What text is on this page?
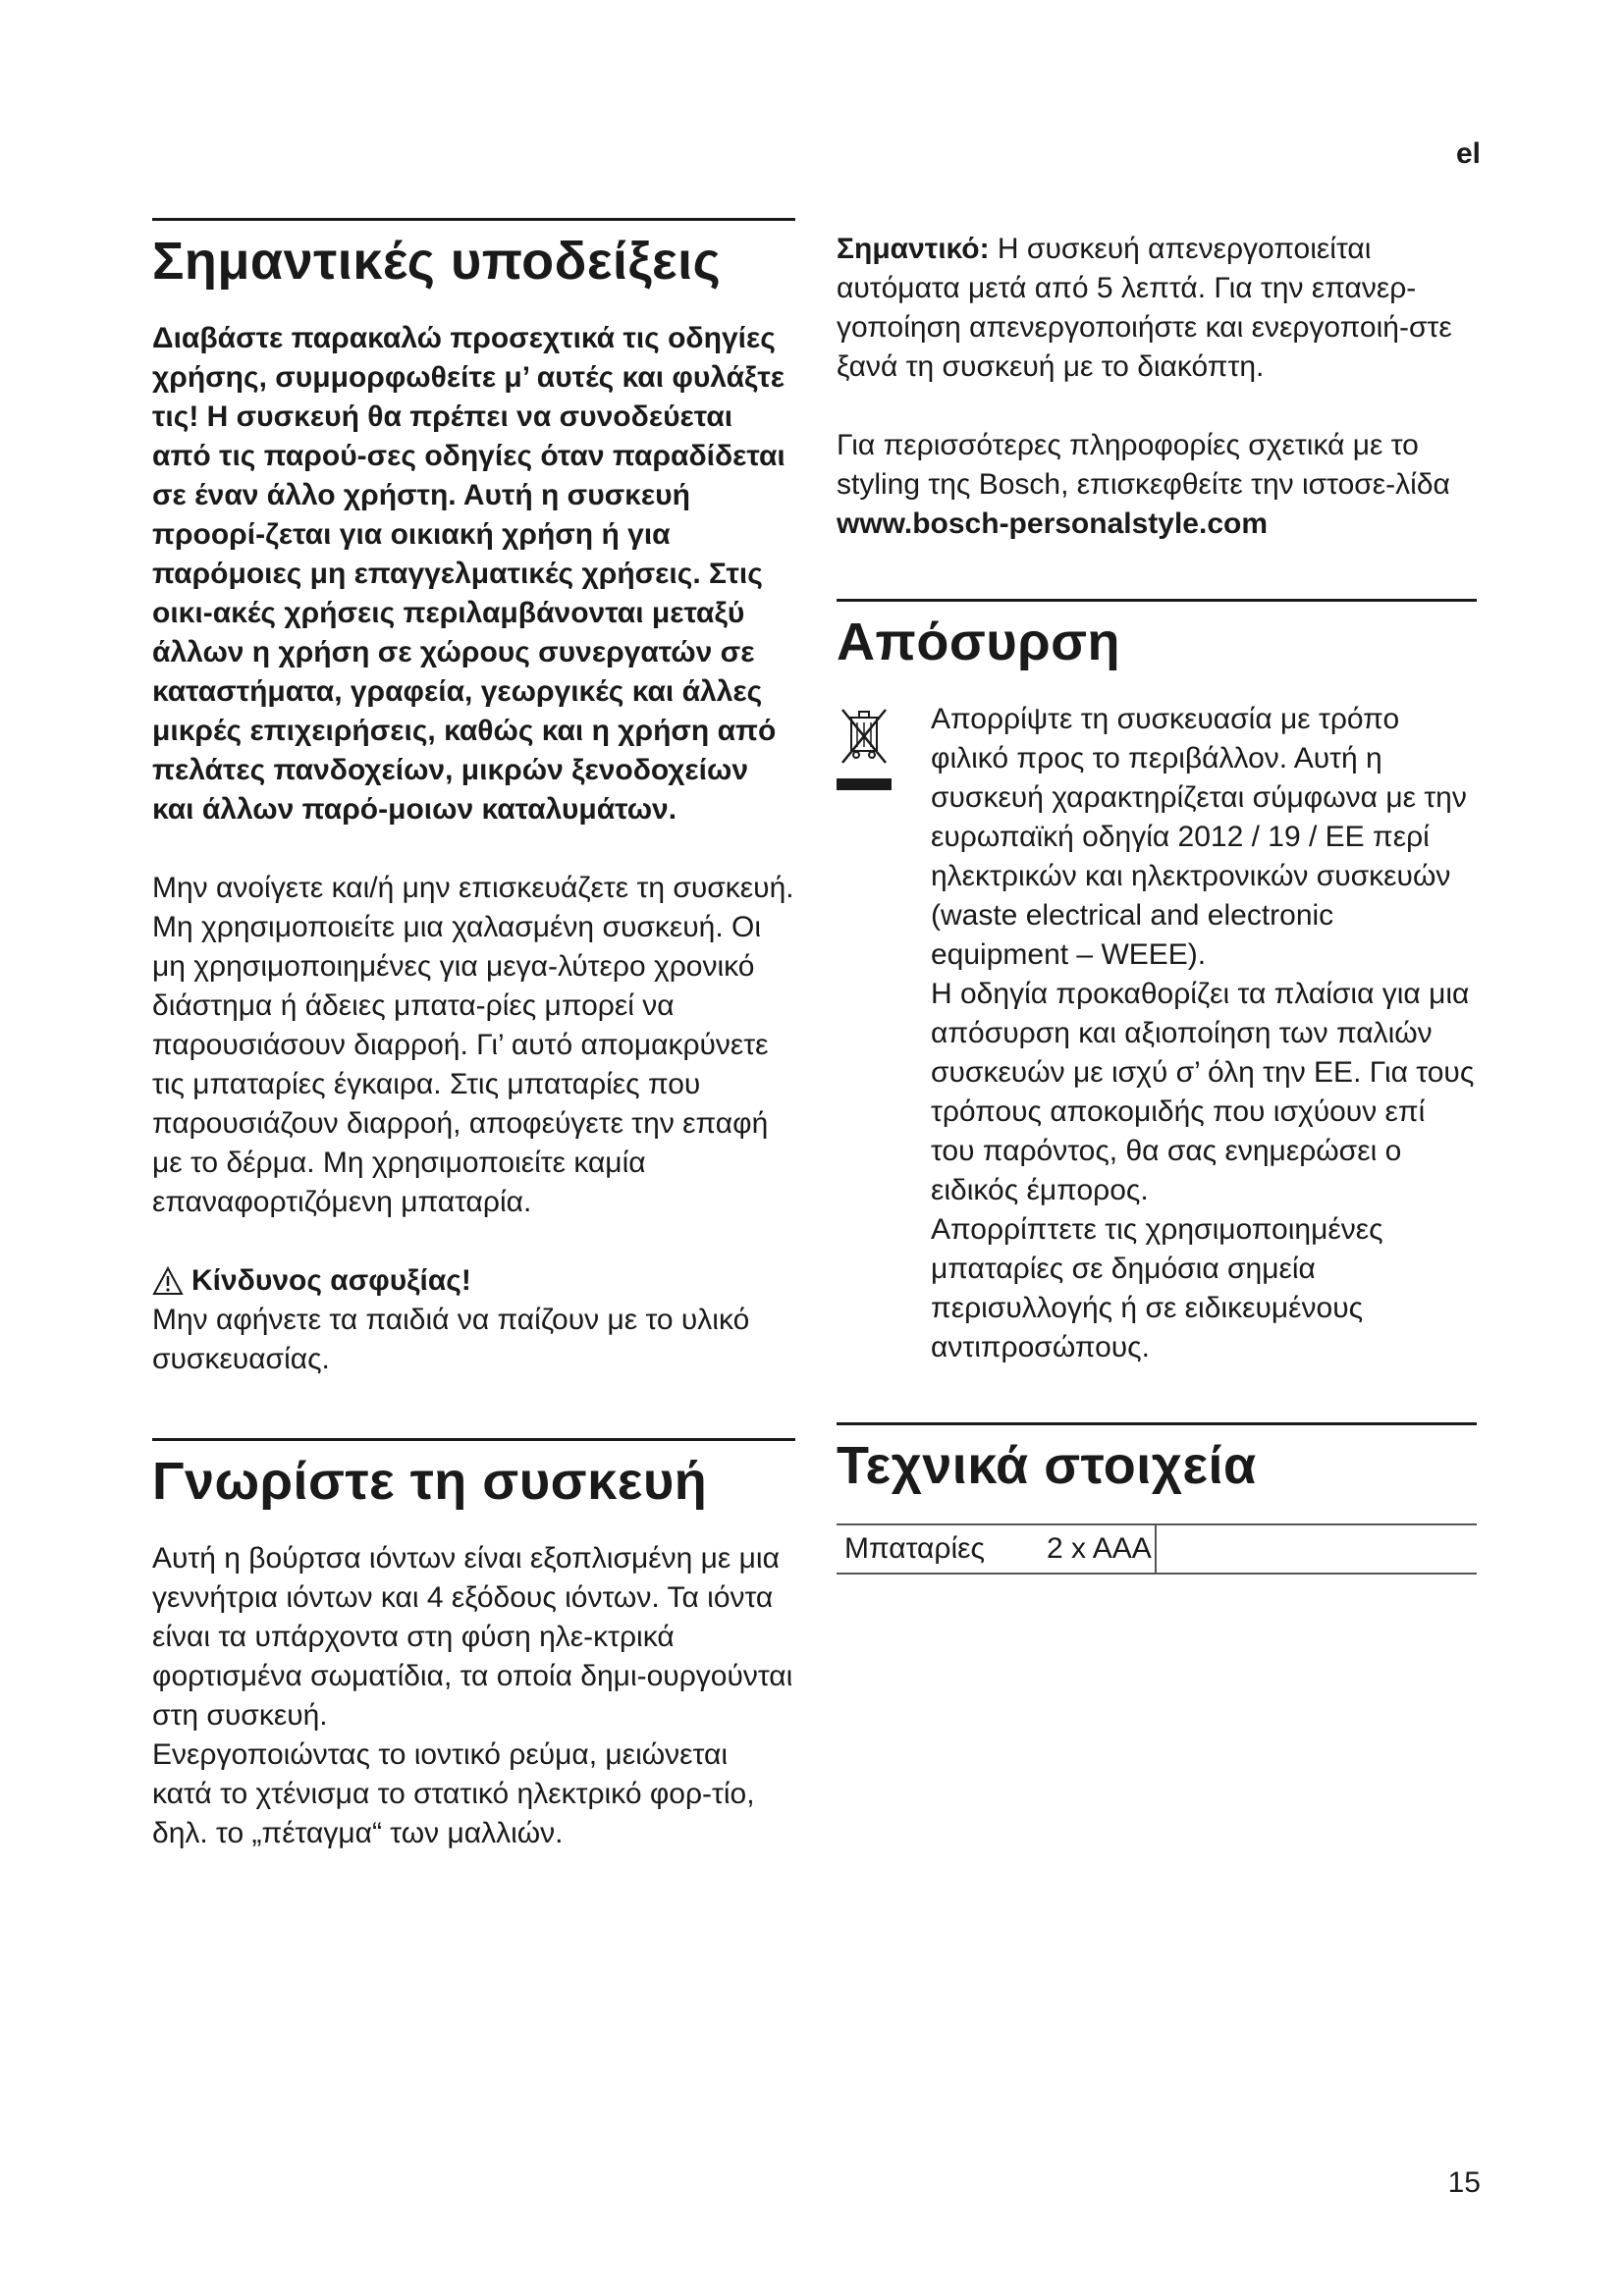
el
Σημαντικές υποδείξεις

Διαβάστε παρακαλώ προσεχτικά τις οδηγίες χρήσης, συμμορφωθείτε μ’ αυτές και φυλάξτε τις! Η συσκευή θα πρέπει να συνοδεύεται από τις παρού-σες οδηγίες όταν παραδίδεται σε έναν άλλο χρήστη. Αυτή η συσκευή προορί-ζεται για οικιακή χρήση ή για παρόμοιες μη επαγγελματικές χρήσεις. Στις οικι-ακές χρήσεις περιλαμβάνονται μεταξύ άλλων η χρήση σε χώρους συνεργατών σε καταστήματα, γραφεία, γεωργικές και άλλες μικρές επιχειρήσεις, καθώς και η χρήση από πελάτες πανδοχείων, μικρών ξενοδοχείων και άλλων παρό-μοιων καταλυμάτων.

Μην ανοίγετε και/ή μην επισκευάζετε τη συσκευή. Μη χρησιμοποιείτε μια χαλασμένη συσκευή. Οι μη χρησιμοποιημένες για μεγα-λύτερο χρονικό διάστημα ή άδειες μπατα-ρίες μπορεί να παρουσιάσουν διαρροή. Γι’ αυτό απομακρύνετε τις μπαταρίες έγκαιρα. Στις μπαταρίες που παρουσιάζουν διαρροή, αποφεύγετε την επαφή με το δέρμα. Μη χρησιμοποιείτε καμία επαναφορτιζόμενη μπαταρία.

Κίνδυνος ασφυξίας!

Μην αφήνετε τα παιδιά να παίζουν με το υλικό συσκευασίας.

Γνωρίστε τη συσκευή

Αυτή η βούρτσα ιόντων είναι εξοπλισμένη με μια γεννήτρια ιόντων και 4 εξόδους ιόντων. Τα ιόντα είναι τα υπάρχοντα στη φύση ηλε-κτρικά φορτισμένα σωματίδια, τα οποία δημι-ουργούνται στη συσκευή.

Ενεργοποιώντας το ιοντικό ρεύμα, μειώνεται κατά το χτένισμα το στατικό ηλεκτρικό φορ-τίο, δηλ. το „πέταγμα“ των μαλλιών.

Σημαντικό: Η συσκευή απενεργοποιείται αυτόματα μετά από 5 λεπτά. Για την επανερ-γοποίηση απενεργοποιήστε και ενεργοποιή-στε ξανά τη συσκευή με το διακόπτη.

Για περισσότερες πληροφορίες σχετικά με το styling της Bosch, επισκεφθείτε την ιστοσε-λίδα www.bosch-personalstyle.com

Απόσυρση

Απορρίψτε τη συσκευασία με τρόπο φιλικό προς το περιβάλλον. Αυτή η συσκευή χαρακτηρίζεται σύμφωνα με την ευρωπαϊκή οδηγία 2012 / 19 / ΕΕ περί ηλεκτρικών και ηλεκτρονικών συσκευών (waste electrical and electronic equipment – WEEE).

Η οδηγία προκαθορίζει τα πλαίσια για μια απόσυρση και αξιοποίηση των παλιών συσκευών με ισχύ σ’ όλη την ΕΕ. Για τους τρόπους αποκομιδής που ισχύουν επί του παρόντος, θα σας ενημερώσει ο ειδικός έμπορος.

Απορρίπτετε τις χρησιμοποιημένες μπαταρίες σε δημόσια σημεία περισυλλογής ή σε ειδικευμένους αντιπροσώπους.

Τεχνικά στοιχεία
Μπαταρίες	2 x AAA	
15
